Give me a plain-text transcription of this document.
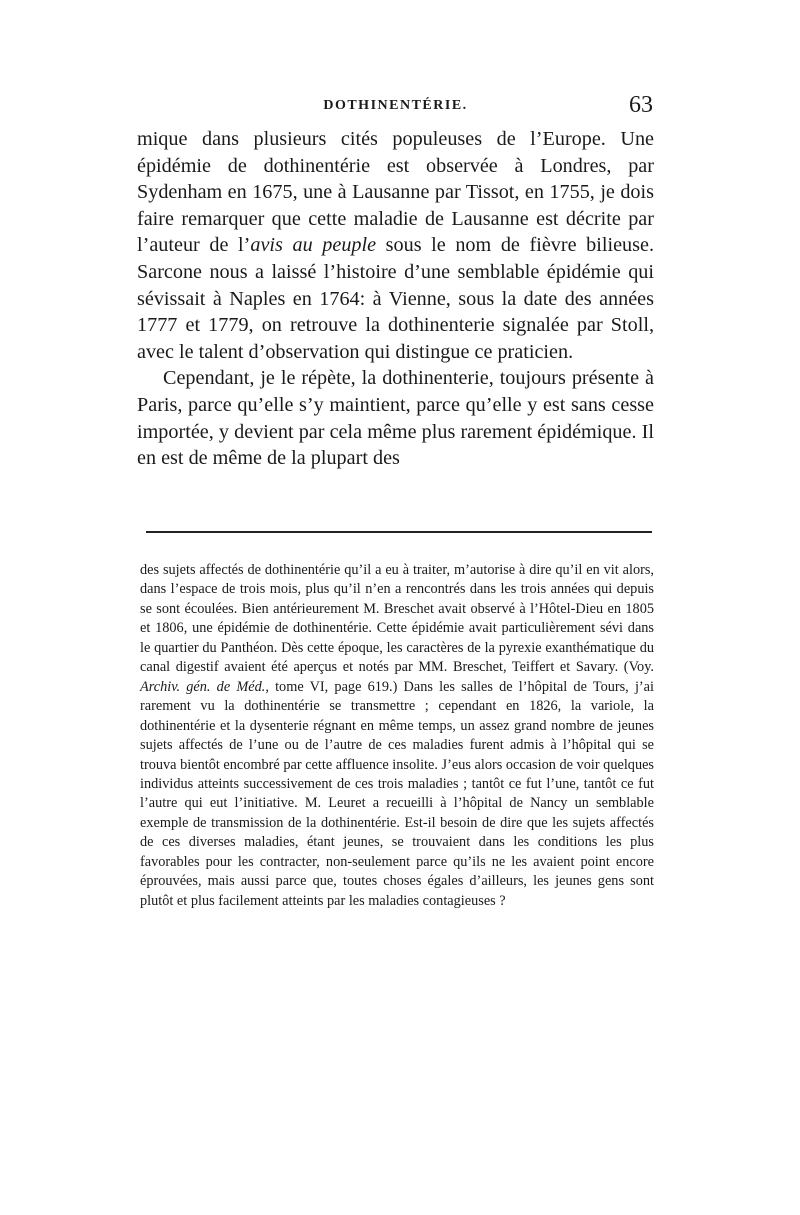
DOTHINENTÉRIE.	63

mique dans plusieurs cités populeuses de l’Europe. Une épidémie de dothinentérie est observée à Londres, par Sydenham en 1675, une à Lausanne par Tissot, en 1755, je dois faire remarquer que cette maladie de Lausanne est décrite par l’auteur de l’avis au peuple sous le nom de fièvre bilieuse. Sarcone nous a laissé l’histoire d’une semblable épidémie qui sévissait à Naples en 1764: à Vienne, sous la date des années 1777 et 1779, on retrouve la dothinenterie signalée par Stoll, avec le talent d’observation qui distingue ce praticien.

Cependant, je le répète, la dothinenterie, toujours présente à Paris, parce qu’elle s’y maintient, parce qu’elle y est sans cesse importée, y devient par cela même plus rarement épidémique. Il en est de même de la plupart des

des sujets affectés de dothinentérie qu’il a eu à traiter, m’autorise à dire qu’il en vit alors, dans l’espace de trois mois, plus qu’il n’en a rencontrés dans les trois années qui depuis se sont écoulées. Bien antérieurement M. Breschet avait observé à l’Hôtel-Dieu en 1805 et 1806, une épidémie de dothinentérie. Cette épidémie avait particulièrement sévi dans le quartier du Panthéon. Dès cette époque, les caractères de la pyrexie exanthématique du canal digestif avaient été aperçus et notés par MM. Breschet, Teiffert et Savary. (Voy. Archiv. gén. de Méd., tome VI, page 619.) Dans les salles de l’hôpital de Tours, j’ai rarement vu la dothinentérie se transmettre ; cependant en 1826, la variole, la dothinentérie et la dysenterie régnant en même temps, un assez grand nombre de jeunes sujets affectés de l’une ou de l’autre de ces maladies furent admis à l’hôpital qui se trouva bientôt encombré par cette affluence insolite. J’eus alors occasion de voir quelques individus atteints successivement de ces trois maladies ; tantôt ce fut l’une, tantôt ce fut l’autre qui eut l’initiative. M. Leuret a recueilli à l’hôpital de Nancy un semblable exemple de transmission de la dothinentérie. Est-il besoin de dire que les sujets affectés de ces diverses maladies, étant jeunes, se trouvaient dans les conditions les plus favorables pour les contracter, non-seulement parce qu’ils ne les avaient point encore éprouvées, mais aussi parce que, toutes choses égales d’ailleurs, les jeunes gens sont plutôt et plus facilement atteints par les maladies contagieuses ?
